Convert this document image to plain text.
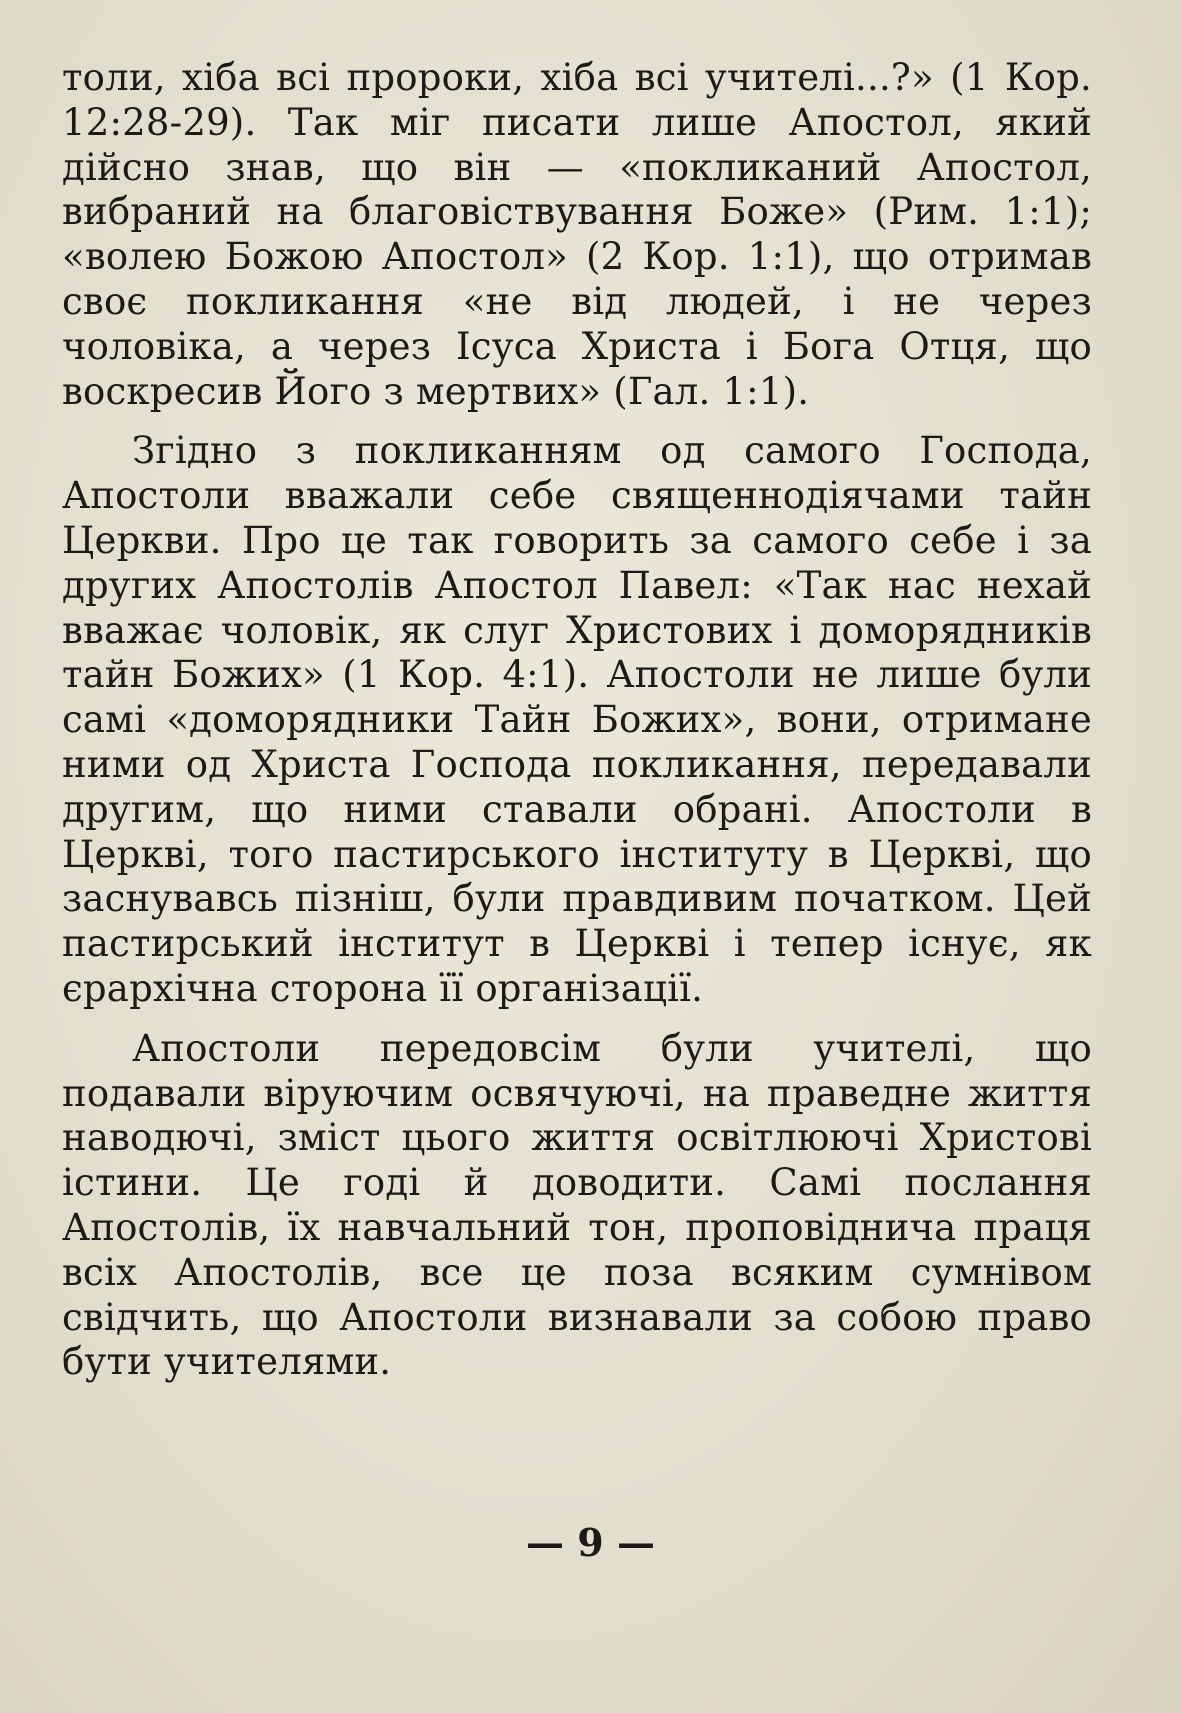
толи, хіба всі пророки, хіба всі учителі...?» (1 Кор. 12:28-29). Так міг писати лише Апостол, який дійсно знав, що він — «покликаний Апостол, вибраний на благовіствування Боже» (Рим. 1:1); «волею Божою Апостол» (2 Кор. 1:1), що отримав своє покликання «не від людей, і не через чоловіка, а через Ісуса Христа і Бога Отця, що воскресив Його з мертвих» (Гал. 1:1).

Згідно з покликанням од самого Господа, Апостоли вважали себе священнодіячами тайн Церкви. Про це так говорить за самого себе і за других Апостолів Апостол Павел: «Так нас нехай вважає чоловік, як слуг Христових і доморядників тайн Божих» (1 Кор. 4:1). Апостоли не лише були самі «доморядники Тайн Божих», вони, отримане ними од Христа Господа покликання, передавали другим, що ними ставали обрані. Апостоли в Церкві, того пастирського інституту в Церкві, що заснувавсь пізніш, були правдивим початком. Цей пастирський інститут в Церкві і тепер існує, як єрархічна сторона її організації.

Апостоли передовсім були учителі, що подавали віруючим освячуючі, на праведне життя наводючі, зміст цього життя освітлюючі Христові істини. Це годі й доводити. Самі послання Апостолів, їх навчальний тон, проповіднича праця всіх Апостолів, все це поза всяким сумнівом свідчить, що Апостоли визнавали за собою право бути учителями.

— 9 —
